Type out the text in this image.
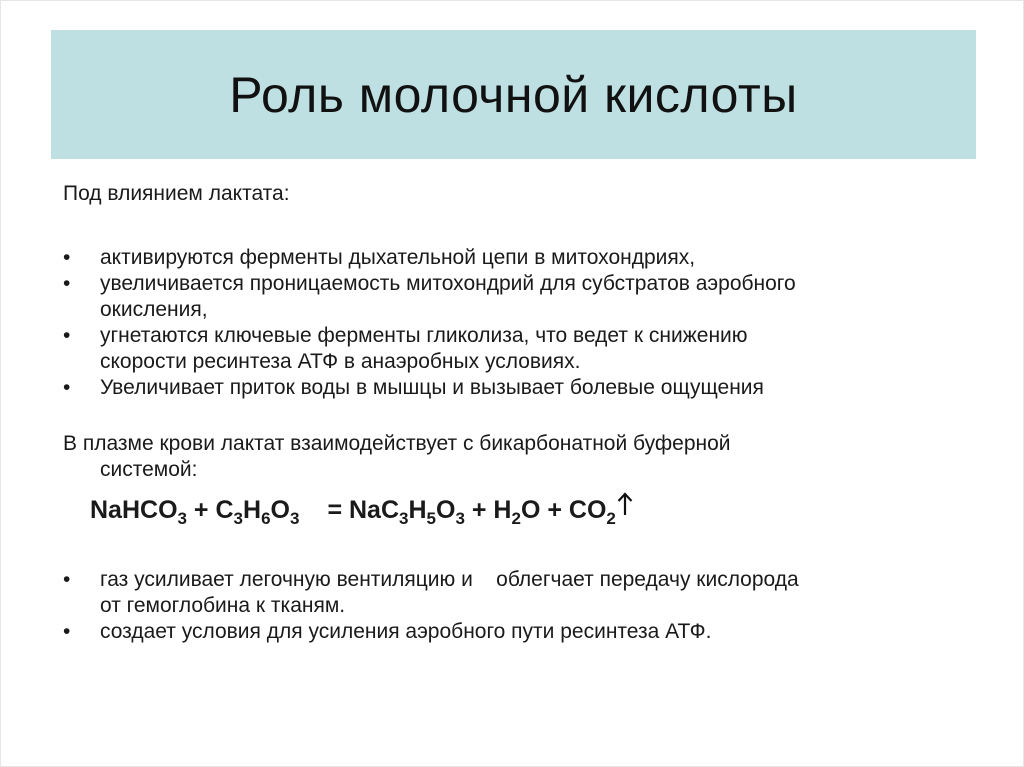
Роль молочной кислоты

Под влиянием лактата:

• активируются ферменты дыхательной цепи в митохондриях,
• увеличивается проницаемость митохондрий для субстратов аэробного
окисления,
• угнетаются ключевые ферменты гликолиза, что ведет к снижению
скорости ресинтеза АТФ в анаэробных условиях.
• Увеличивает приток воды в мышцы и вызывает болевые ощущения

В плазме крови лактат взаимодействует с бикарбонатной буферной
системой:

NaHCO$_3$ + $C_3H_6O_3 = NaC_3H_5O_3 + H_2O + CO_2$
• газ усиливает легочную вентиляцию и    облегчает передачу кислорода
от гемоглобина к тканям.
• создает условия для усиления аэробного пути ресинтеза АТФ.
